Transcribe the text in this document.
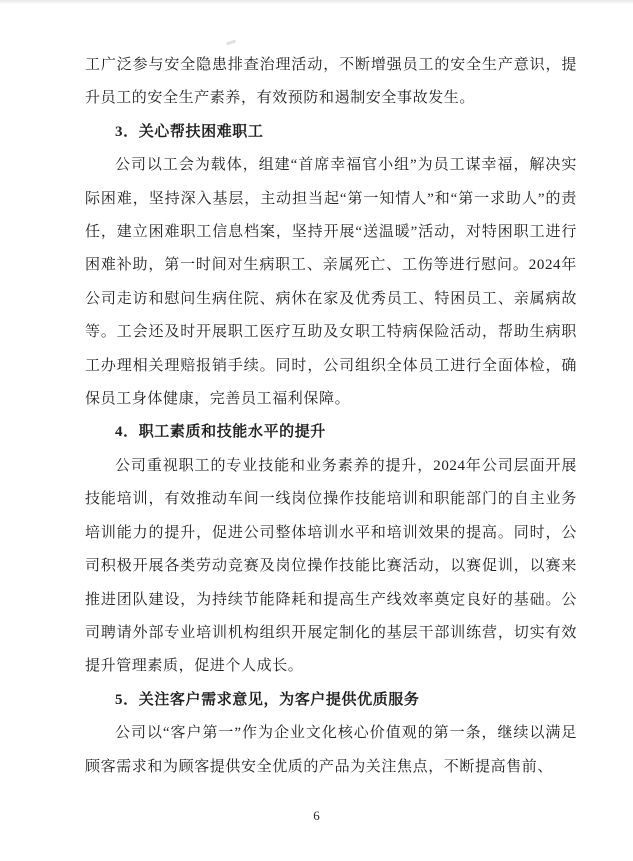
工广泛参与安全隐患排查治理活动，不断增强员工的安全生产意识，提升员工的安全生产素养，有效预防和遏制安全事故发生。

3．关心帮扶困难职工

公司以工会为载体，组建“首席幸福官小组”为员工谋幸福，解决实际困难，坚持深入基层，主动担当起“第一知情人”和“第一求助人”的责任，建立困难职工信息档案，坚持开展“送温暖”活动，对特困职工进行困难补助，第一时间对生病职工、亲属死亡、工伤等进行慰问。2024年公司走访和慰问生病住院、病休在家及优秀员工、特困员工、亲属病故等。工会还及时开展职工医疗互助及女职工特病保险活动，帮助生病职工办理相关理赔报销手续。同时，公司组织全体员工进行全面体检，确保员工身体健康，完善员工福利保障。

4．职工素质和技能水平的提升

公司重视职工的专业技能和业务素养的提升，2024年公司层面开展技能培训，有效推动车间一线岗位操作技能培训和职能部门的自主业务培训能力的提升，促进公司整体培训水平和培训效果的提高。同时，公司积极开展各类劳动竞赛及岗位操作技能比赛活动，以赛促训，以赛来推进团队建设，为持续节能降耗和提高生产线效率奠定良好的基础。公司聘请外部专业培训机构组织开展定制化的基层干部训练营，切实有效提升管理素质，促进个人成长。

5．关注客户需求意见，为客户提供优质服务

公司以“客户第一”作为企业文化核心价值观的第一条，继续以满足顾客需求和为顾客提供安全优质的产品为关注焦点，不断提高售前、

6
